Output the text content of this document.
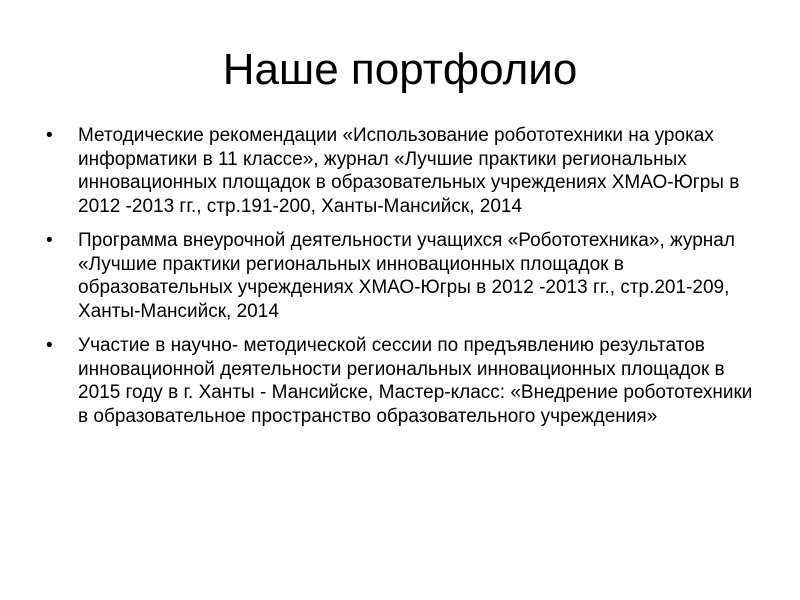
Наше портфолио
•	Методические рекомендации «Использование робототехники на уроках информатики в 11 классе», журнал «Лучшие практики региональных инновационных площадок в образовательных учреждениях ХМАО-Югры в 2012 -2013 гг., стр.191-200, Ханты-Мансийск, 2014
•	Программа внеурочной деятельности учащихся «Робототехника», журнал «Лучшие практики региональных инновационных площадок в образовательных учреждениях ХМАО-Югры в 2012 -2013 гг., стр.201-209, Ханты-Мансийск, 2014
•	Участие в научно- методической сессии по предъявлению результатов инновационной деятельности региональных инновационных площадок в 2015 году в г. Ханты - Мансийске, Мастер-класс: «Внедрение робототехники в образовательное пространство образовательного учреждения»
